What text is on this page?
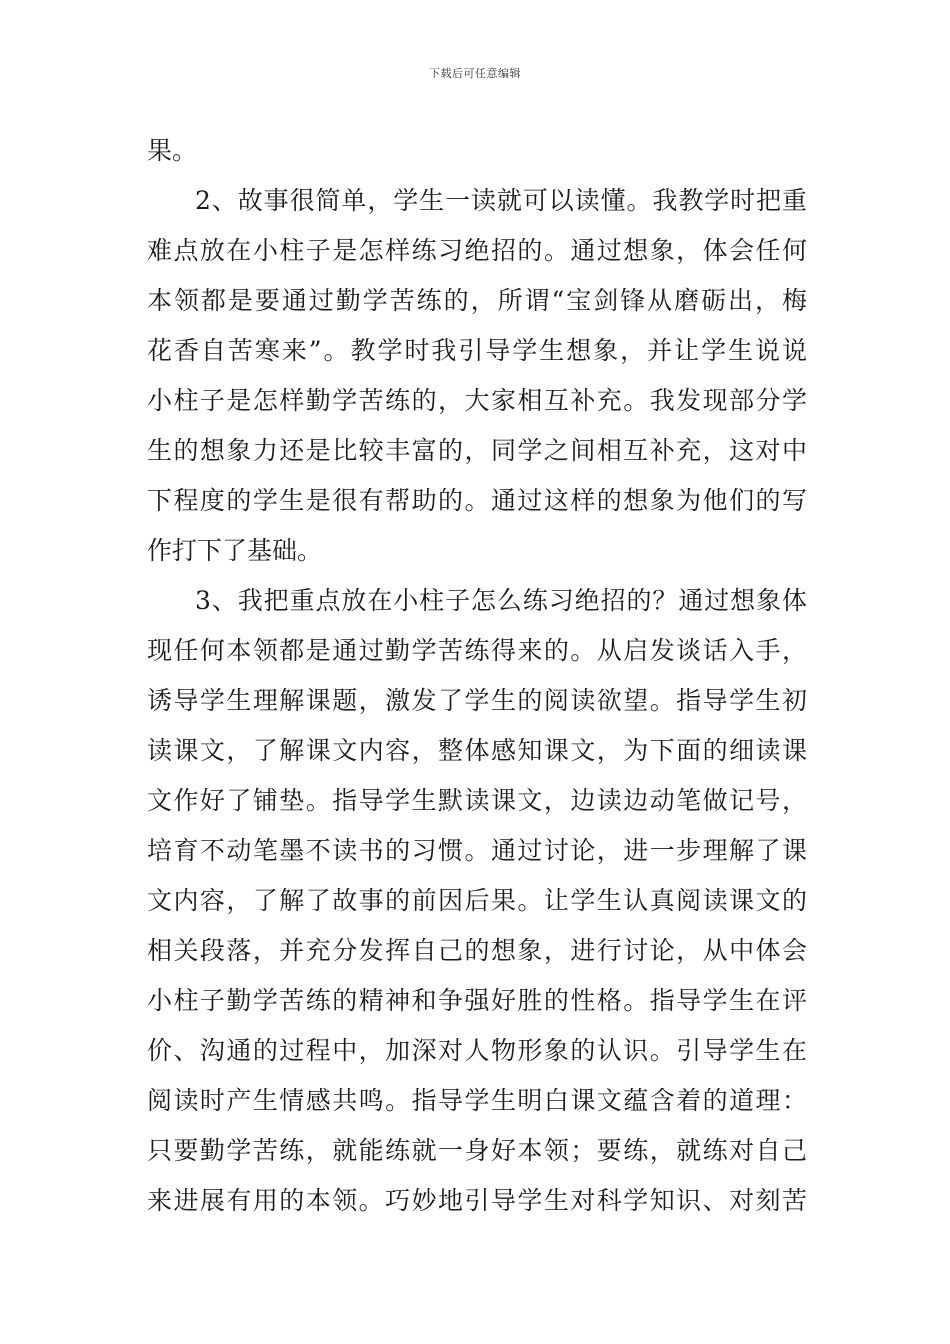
下载后可任意编辑
果。
2、故事很简单，学生一读就可以读懂。我教学时把重
难点放在小柱子是怎样练习绝招的。通过想象，体会任何
本领都是要通过勤学苦练的，所谓“宝剑锋从磨砺出，梅
花香自苦寒来”。教学时我引导学生想象，并让学生说说
小柱子是怎样勤学苦练的，大家相互补充。我发现部分学
生的想象力还是比较丰富的，同学之间相互补充，这对中
下程度的学生是很有帮助的。通过这样的想象为他们的写
作打下了基础。
3、我把重点放在小柱子怎么练习绝招的？通过想象体
现任何本领都是通过勤学苦练得来的。从启发谈话入手，
诱导学生理解课题，激发了学生的阅读欲望。指导学生初
读课文，了解课文内容，整体感知课文，为下面的细读课
文作好了铺垫。指导学生默读课文，边读边动笔做记号，
培育不动笔墨不读书的习惯。通过讨论，进一步理解了课
文内容，了解了故事的前因后果。让学生认真阅读课文的
相关段落，并充分发挥自己的想象，进行讨论，从中体会
小柱子勤学苦练的精神和争强好胜的性格。指导学生在评
价、沟通的过程中，加深对人物形象的认识。引导学生在
阅读时产生情感共鸣。指导学生明白课文蕴含着的道理：
只要勤学苦练，就能练就一身好本领；要练，就练对自己
来进展有用的本领。巧妙地引导学生对科学知识、对刻苦
